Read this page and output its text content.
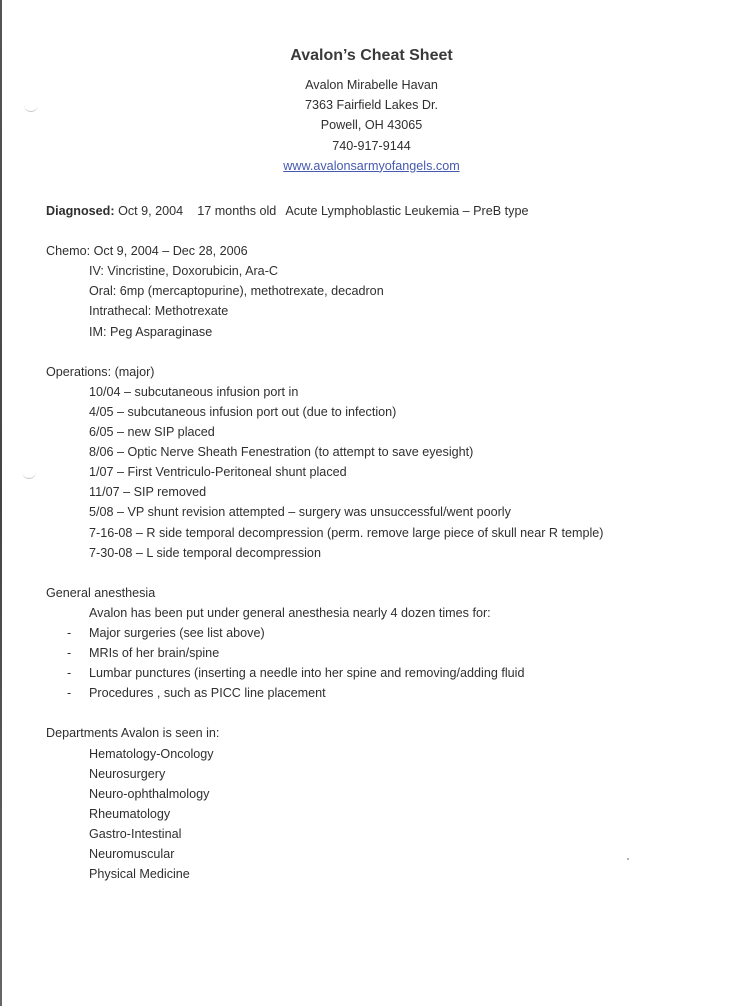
Avalon’s Cheat Sheet
Avalon Mirabelle Havan
7363 Fairfield Lakes Dr.
Powell, OH 43065
740-917-9144
www.avalonsarmyofangels.com
Diagnosed: Oct 9, 2004 17 months old Acute Lymphoblastic Leukemia – PreB type
Chemo: Oct 9, 2004 – Dec 28, 2006
IV: Vincristine, Doxorubicin, Ara-C
Oral: 6mp (mercaptopurine), methotrexate, decadron
Intrathecal: Methotrexate
IM: Peg Asparaginase
Operations: (major)
10/04 – subcutaneous infusion port in
4/05 – subcutaneous infusion port out (due to infection)
6/05 – new SIP placed
8/06 – Optic Nerve Sheath Fenestration (to attempt to save eyesight)
1/07 – First Ventriculo-Peritoneal shunt placed
11/07 – SIP removed
5/08 – VP shunt revision attempted – surgery was unsuccessful/went poorly
7-16-08 – R side temporal decompression (perm. remove large piece of skull near R temple)
7-30-08 – L side temporal decompression
General anesthesia
Avalon has been put under general anesthesia nearly 4 dozen times for:
- Major surgeries (see list above)
- MRIs of her brain/spine
- Lumbar punctures (inserting a needle into her spine and removing/adding fluid
- Procedures , such as PICC line placement
Departments Avalon is seen in:
Hematology-Oncology
Neurosurgery
Neuro-ophthalmology
Rheumatology
Gastro-Intestinal
Neuromuscular
Physical Medicine
